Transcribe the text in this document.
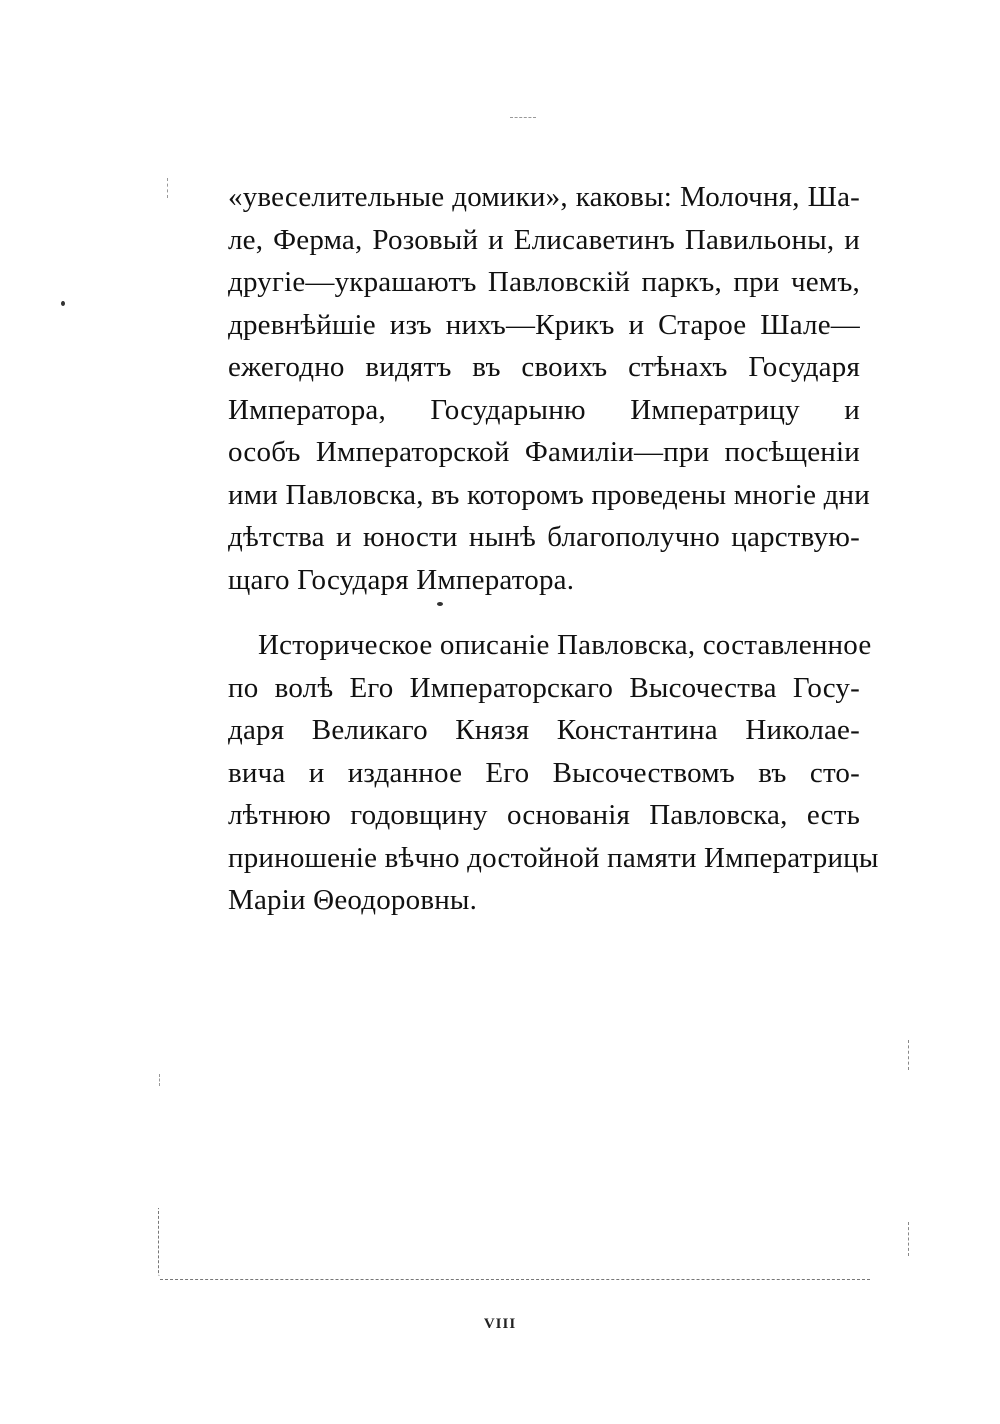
«увеселительные домики», каковы: Молочня, Ша-
ле, Ферма, Розовый и Елисаветинъ Павильоны, и
другіе—украшаютъ Павловскій паркъ, при чемъ,
древнѣйшіе изъ нихъ—Крикъ и Старое Шале—
ежегодно видятъ въ своихъ стѣнахъ Государя
Императора, Государыню Императрицу и
особъ Императорской Фамиліи—при посѣщеніи
ими Павловска, въ которомъ проведены многіе дни
дѣтства и юности нынѣ благополучно царствую-
щаго Государя Императора.
Историческое описаніе Павловска, составленное
по волѣ Его Императорскаго Высочества Госу-
даря Великаго Князя Константина Николае-
вича и изданное Его Высочествомъ въ сто-
лѣтнюю годовщину основанія Павловска, есть
приношеніе вѣчно достойной памяти Императрицы
Маріи Θеодоровны.
VIII
